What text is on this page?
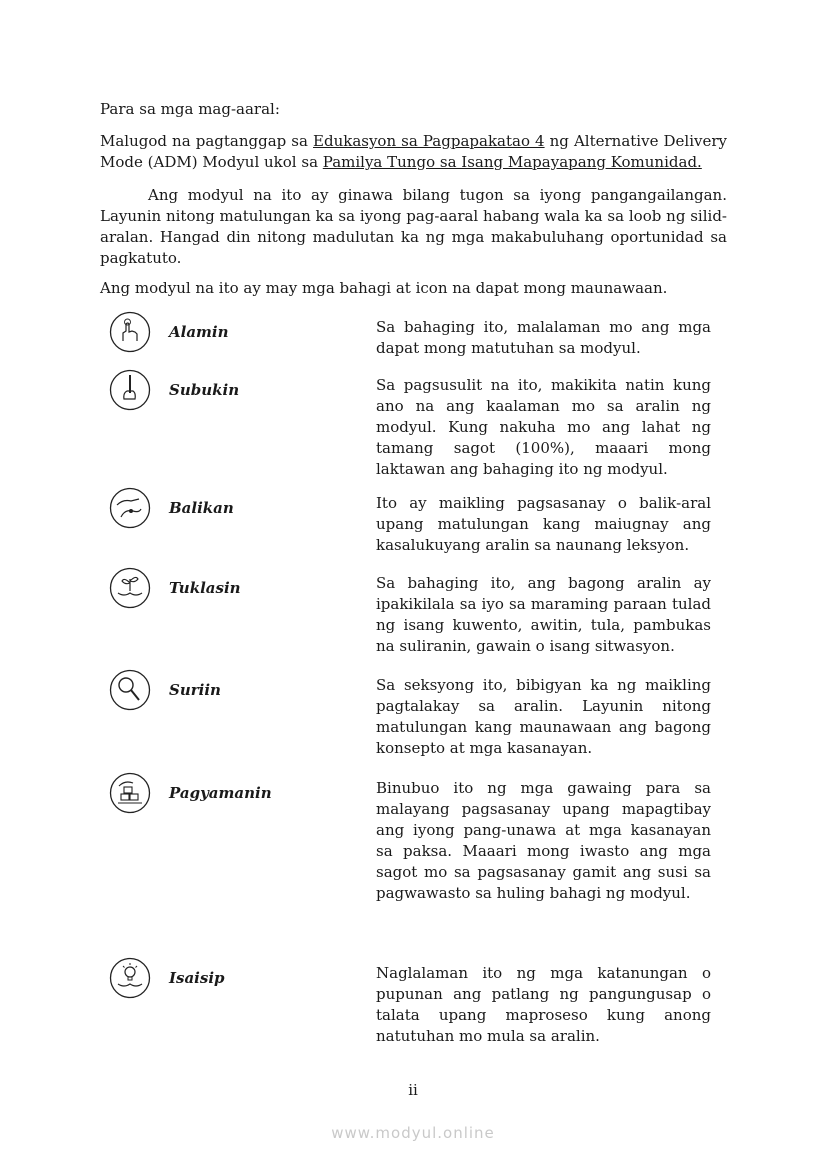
Para sa mga mag-aaral:

Malugod na pagtanggap sa Edukasyon sa Pagpapakatao 4 ng Alternative Delivery Mode (ADM) Modyul ukol sa Pamilya Tungo sa Isang Mapayapang Komunidad.

Ang modyul na ito ay ginawa bilang tugon sa iyong pangangailangan. Layunin nitong matulungan ka sa iyong pag-aaral habang wala ka sa loob ng silid-aralan. Hangad din nitong madulutan ka ng mga makabuluhang oportunidad sa pagkatuto.

Ang modyul na ito ay may mga bahagi at icon na dapat mong maunawaan.

Alamin	Sa bahaging ito, malalaman mo ang mga dapat mong matutuhan sa modyul.

Subukin	Sa pagsusulit na ito, makikita natin kung ano na ang kaalaman mo sa aralin ng modyul. Kung nakuha mo ang lahat ng tamang sagot (100%), maaari mong laktawan ang bahaging ito ng modyul.

Balikan	Ito ay maikling pagsasanay o balik-aral upang matulungan kang maiugnay ang kasalukuyang aralin sa naunang leksyon.

Tuklasin	Sa bahaging ito, ang bagong aralin ay ipakikilala sa iyo sa maraming paraan tulad ng isang kuwento, awitin, tula, pambukas na suliranin, gawain o isang sitwasyon.

Suriin	Sa seksyong ito, bibigyan ka ng maikling pagtalakay sa aralin. Layunin nitong matulungan kang maunawaan ang bagong konsepto at mga kasanayan.

Pagyamanin	Binubuo ito ng mga gawaing para sa malayang pagsasanay upang mapagtibay ang iyong pang-unawa at mga kasanayan sa paksa. Maaari mong iwasto ang mga sagot mo sa pagsasanay gamit ang susi sa pagwawasto sa huling bahagi ng modyul.

Isaisip	Naglalaman ito ng mga katanungan o pupunan ang patlang ng pangungusap o talata upang maproseso kung anong natutuhan mo mula sa aralin.

ii
www.modyul.online
